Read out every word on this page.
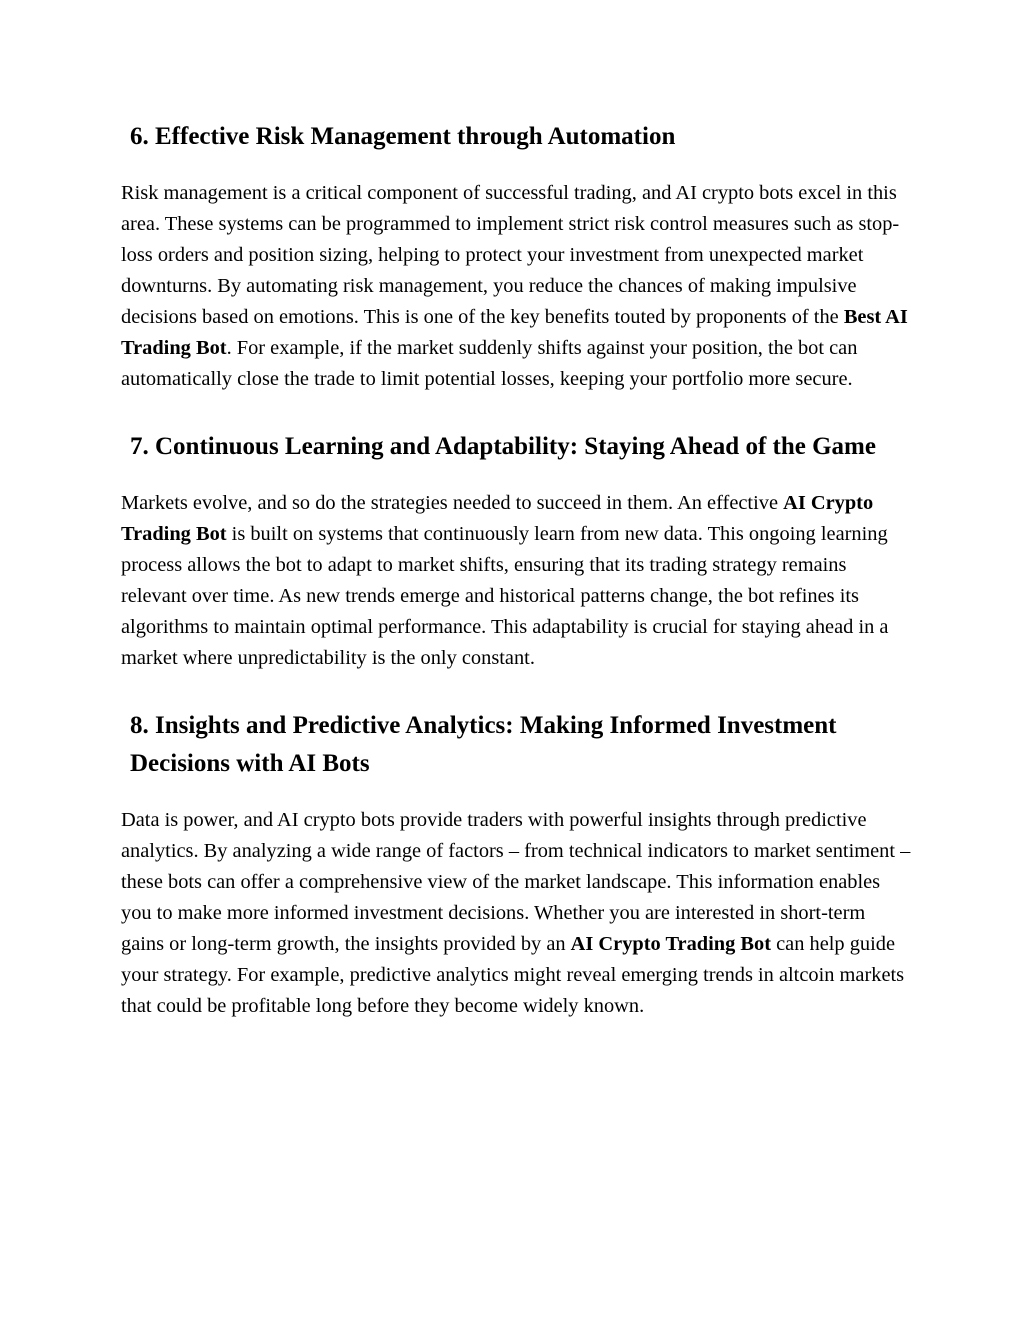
6. Effective Risk Management through Automation

Risk management is a critical component of successful trading, and AI crypto bots excel in this area. These systems can be programmed to implement strict risk control measures such as stop-loss orders and position sizing, helping to protect your investment from unexpected market downturns. By automating risk management, you reduce the chances of making impulsive decisions based on emotions. This is one of the key benefits touted by proponents of the Best AI Trading Bot. For example, if the market suddenly shifts against your position, the bot can automatically close the trade to limit potential losses, keeping your portfolio more secure.

7. Continuous Learning and Adaptability: Staying Ahead of the Game

Markets evolve, and so do the strategies needed to succeed in them. An effective AI Crypto Trading Bot is built on systems that continuously learn from new data. This ongoing learning process allows the bot to adapt to market shifts, ensuring that its trading strategy remains relevant over time. As new trends emerge and historical patterns change, the bot refines its algorithms to maintain optimal performance. This adaptability is crucial for staying ahead in a market where unpredictability is the only constant.

8. Insights and Predictive Analytics: Making Informed Investment Decisions with AI Bots

Data is power, and AI crypto bots provide traders with powerful insights through predictive analytics. By analyzing a wide range of factors – from technical indicators to market sentiment – these bots can offer a comprehensive view of the market landscape. This information enables you to make more informed investment decisions. Whether you are interested in short-term gains or long-term growth, the insights provided by an AI Crypto Trading Bot can help guide your strategy. For example, predictive analytics might reveal emerging trends in altcoin markets that could be profitable long before they become widely known.
